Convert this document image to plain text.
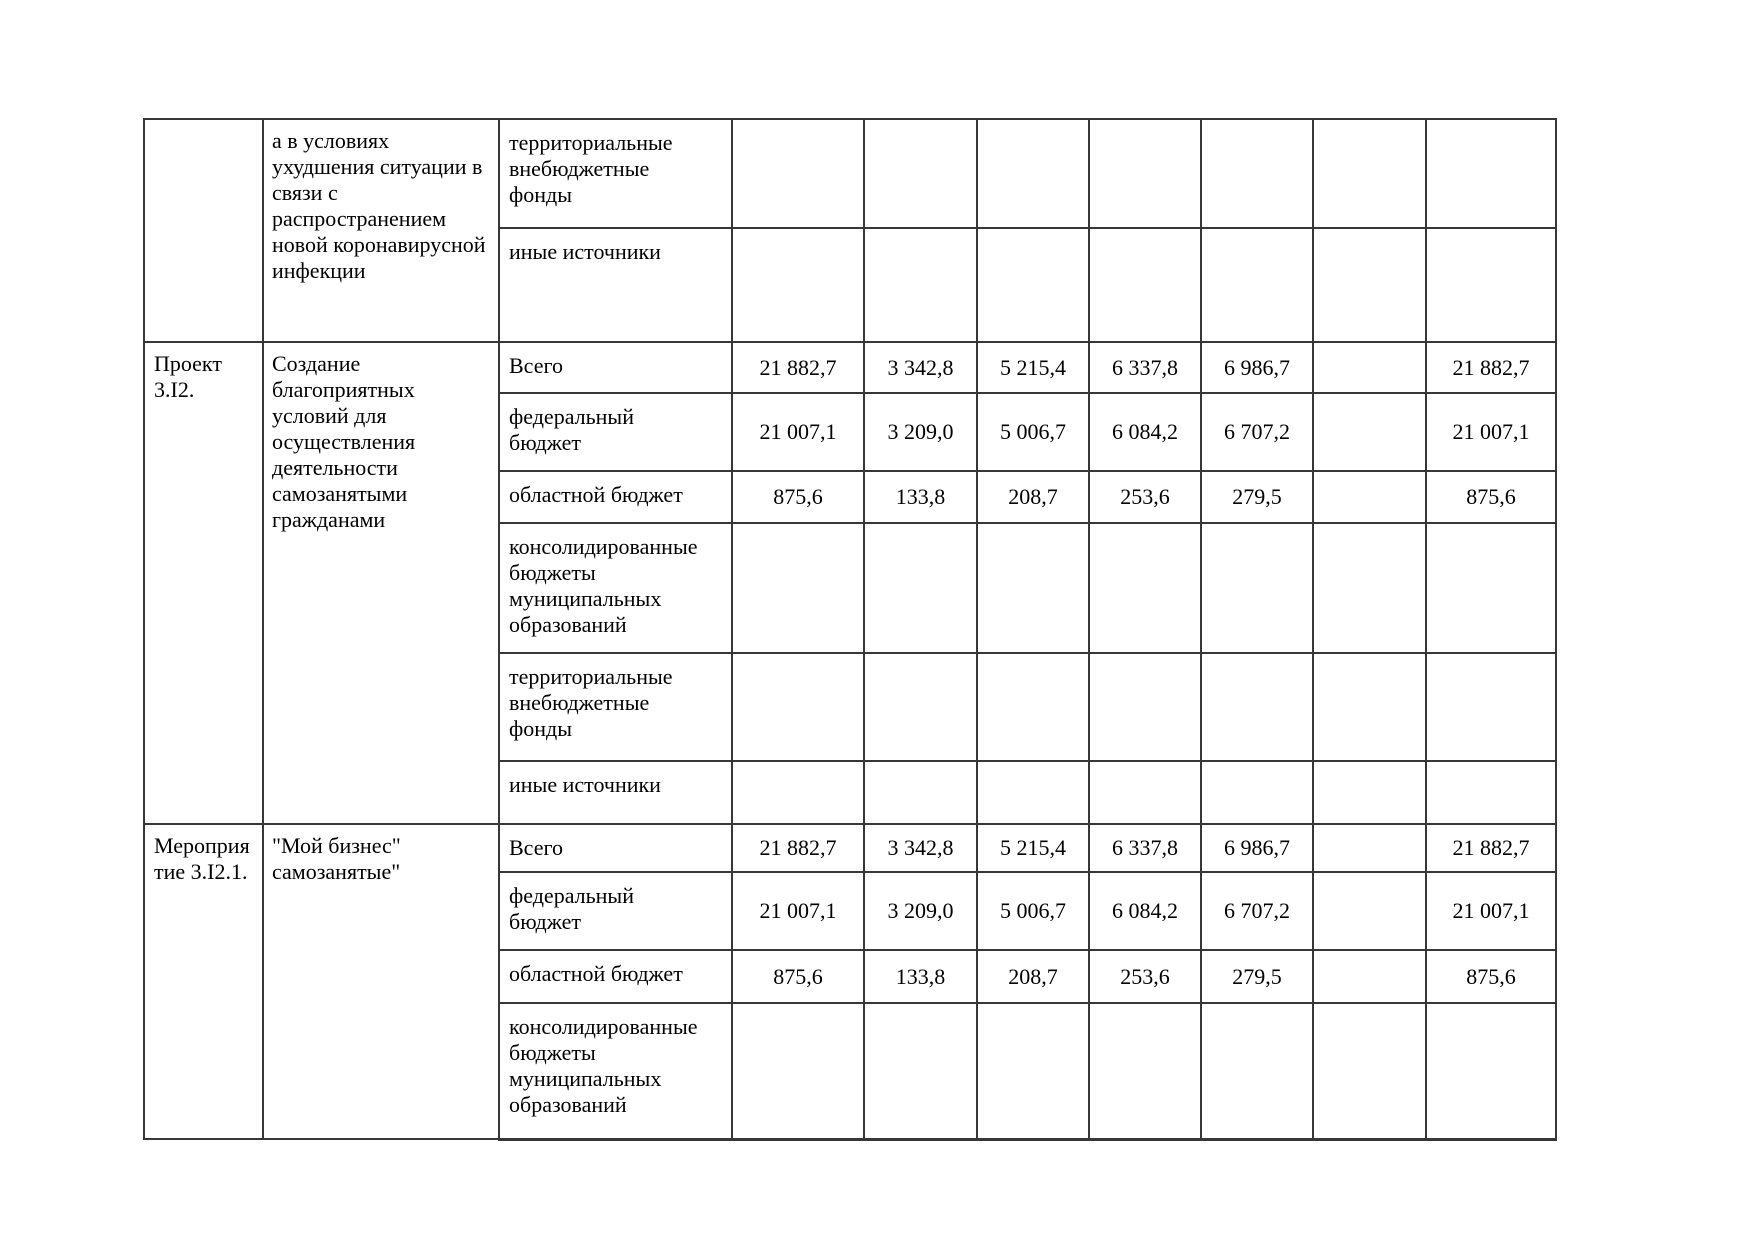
	а в условиях ухудшения ситуации в связи с распространением новой коронавирусной инфекции	территориальные внебюджетные фонды							
		иные источники							
Проект 3.I2.	Создание благоприятных условий для осуществления деятельности самозанятыми гражданами	Всего	21 882,7	3 342,8	5 215,4	6 337,8	6 986,7		21 882,7
		федеральный бюджет	21 007,1	3 209,0	5 006,7	6 084,2	6 707,2		21 007,1
		областной бюджет	875,6	133,8	208,7	253,6	279,5		875,6
		консолидированные бюджеты муниципальных образований							
		территориальные внебюджетные фонды							
		иные источники							
Мероприятие 3.I2.1.	"Мой бизнес" самозанятые"	Всего	21 882,7	3 342,8	5 215,4	6 337,8	6 986,7		21 882,7
		федеральный бюджет	21 007,1	3 209,0	5 006,7	6 084,2	6 707,2		21 007,1
		областной бюджет	875,6	133,8	208,7	253,6	279,5		875,6
		консолидированные бюджеты муниципальных образований							
